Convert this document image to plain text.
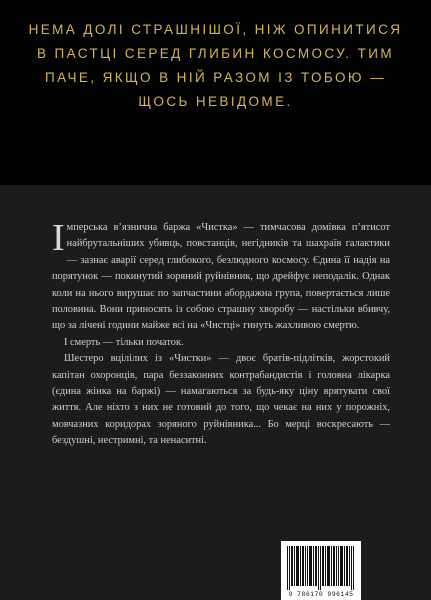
НЕМА ДОЛІ СТРАШНІШОЇ, НІЖ ОПИНИТИСЯ
В ПАСТЦІ СЕРЕД ГЛИБИН КОСМОСУ. ТИМ
ПАЧЕ, ЯКЩО В НІЙ РАЗОМ ІЗ ТОБОЮ —
ЩОСЬ НЕВІДОМЕ.

Імперська в’язнична баржа «Чистка» — тимчасова домівка п’ятисот найбрутальніших убивць, повстанців, негідників та шахраїв галактики — зазнає аварії серед глибокого, безлюдного космосу. Єдина її надія на порятунок — покинутий зоряний руйнівник, що дрейфує неподалік. Однак коли на нього вирушає по запчастини абордажна група, повертається лише половина. Вони приносять із собою страшну хворобу — настільки вбивчу, що за лічені години майже всі на «Чистці» гинуть жахливою смертю.

І смерть — тільки початок.

Шестеро вцілілих із «Чистки» — двоє братів-підлітків, жорстокий капітан охоронців, пара беззаконних контрабандистів і головна лікарка (єдина жінка на баржі) — намагаються за будь-яку ціну врятувати свої життя. Але ніхто з них не готовий до того, що чекає на них у порожніх, мовчазних коридорах зоряного руйнівника... Бо мерці воскресають — бездушні, нестримні, та ненаситні.

9 786170 996145
